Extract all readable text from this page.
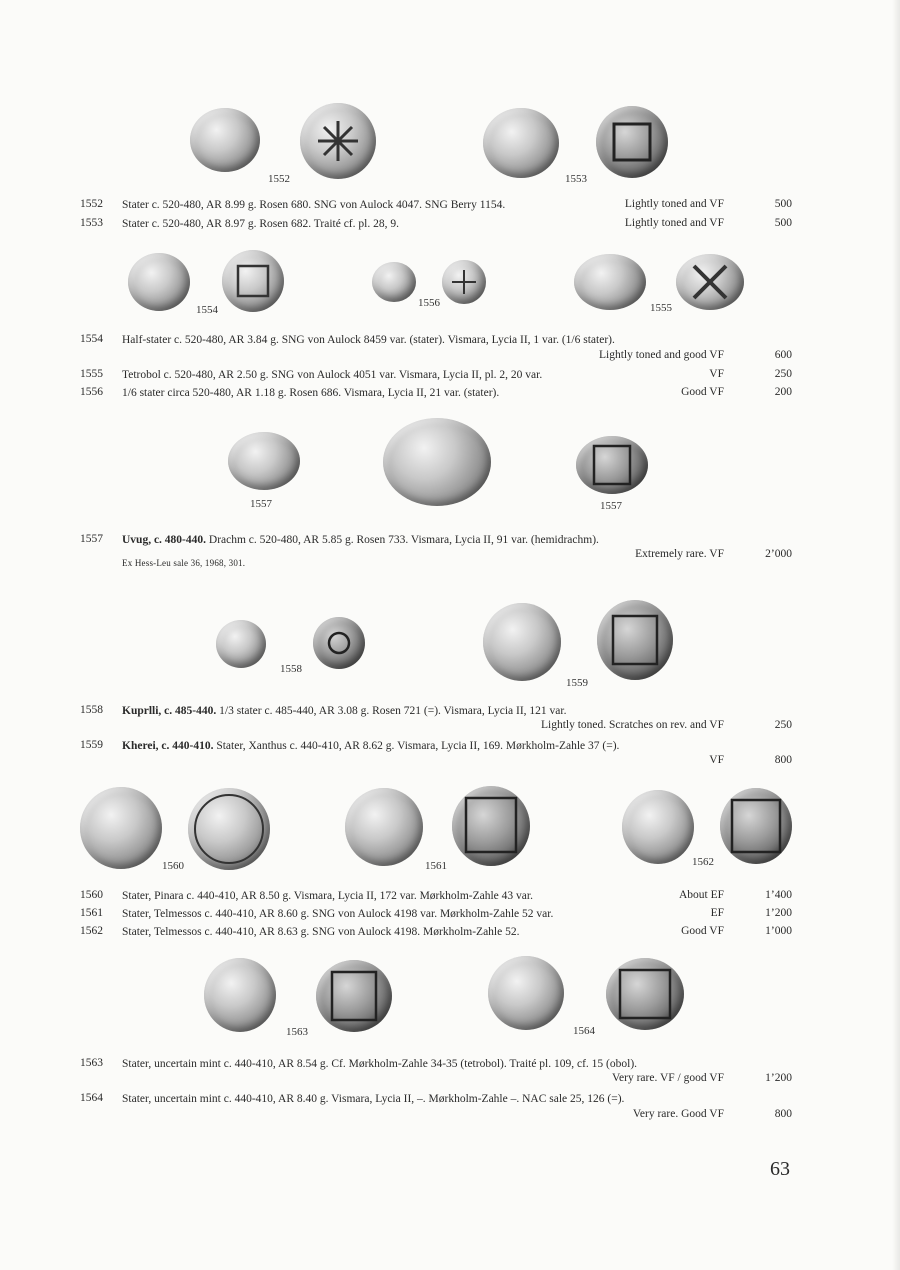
1552	1553
1552 Stater c. 520-480, AR 8.99 g. Rosen 680. SNG von Aulock 4047. SNG Berry 1154.	Lightly toned and VF	500
1553 Stater c. 520-480, AR 8.97 g. Rosen 682. Traité cf. pl. 28, 9.	Lightly toned and VF	500
1554
1556	1555
1554 Half-stater c. 520-480, AR 3.84 g. SNG von Aulock 8459 var. (stater). Vismara, Lycia II, 1 var. (1/6 stater).
Lightly toned and good VF	600
1555 Tetrobol c. 520-480, AR 2.50 g. SNG von Aulock 4051 var. Vismara, Lycia II, pl. 2, 20 var.	VF	250
1556 1/6 stater circa 520-480, AR 1.18 g. Rosen 686. Vismara, Lycia II, 21 var. (stater).	Good VF	200
1557	1557
1557 Uvug, c. 480-440. Drachm c. 520-480, AR 5.85 g. Rosen 733. Vismara, Lycia II, 91 var. (hemidrachm).
Ex Hess-Leu sale 36, 1968, 301.
Extremely rare. VF	2’000
1558
1559
1558 Kuprlli, c. 485-440. 1/3 stater c. 485-440, AR 3.08 g. Rosen 721 (=). Vismara, Lycia II, 121 var.
Lightly toned. Scratches on rev. and VF	250
1559 Kherei, c. 440-410. Stater, Xanthus c. 440-410, AR 8.62 g. Vismara, Lycia II, 169. Mørkholm-Zahle 37 (=).
VF	800
1560	1561	1562
1560 Stater, Pinara c. 440-410, AR 8.50 g. Vismara, Lycia II, 172 var. Mørkholm-Zahle 43 var.	About EF	1’400
1561 Stater, Telmessos c. 440-410, AR 8.60 g. SNG von Aulock 4198 var. Mørkholm-Zahle 52 var.	EF	1’200
1562 Stater, Telmessos c. 440-410, AR 8.63 g. SNG von Aulock 4198. Mørkholm-Zahle 52.	Good VF	1’000
1563	1564
1563 Stater, uncertain mint c. 440-410, AR 8.54 g. Cf. Mørkholm-Zahle 34-35 (tetrobol). Traité pl. 109, cf. 15 (obol).
Very rare. VF / good VF	1’200
1564 Stater, uncertain mint c. 440-410, AR 8.40 g. Vismara, Lycia II, –. Mørkholm-Zahle –. NAC sale 25, 126 (=).
Very rare. Good VF	800
63
